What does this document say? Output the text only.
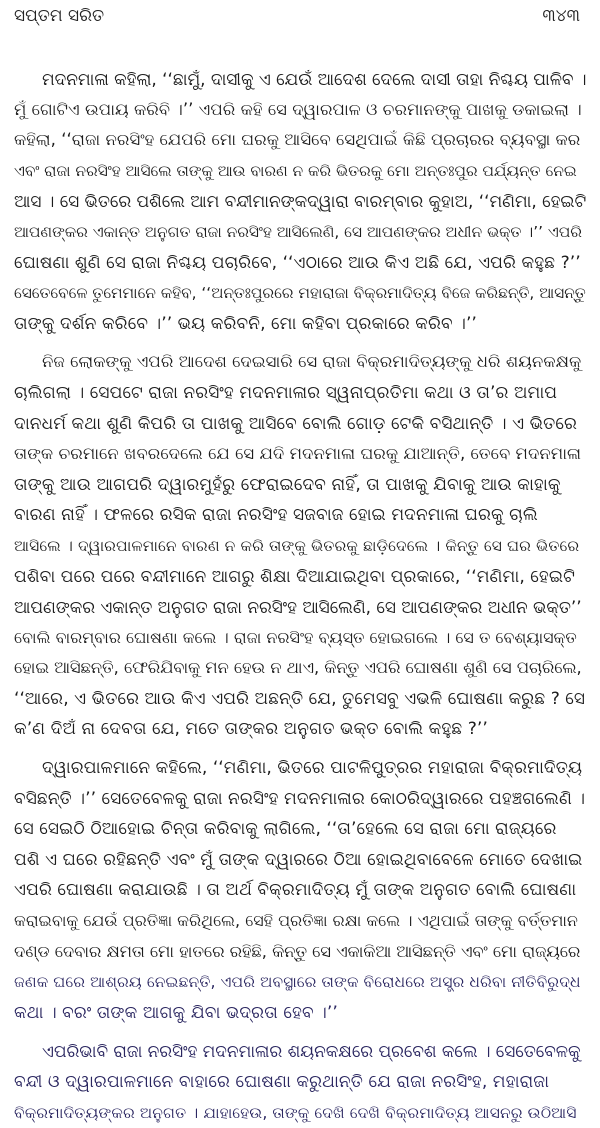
ସପ୍ତମ ସରିତ	୩୪୩
ମଦନମାଳା କହିଲା, ‘‘ଛାମୁଁ, ଦାସୀକୁ ଏ ଯେଉଁ ଆଦେଶ ଦେଲେ ଦାସୀ ତାହା ନିଶ୍ଚୟ ପାଳିବ ।
ମୁଁ ଗୋଟିଏ ଉପାୟ କରିବି ।’’ ଏପରି କହି ସେ ଦ୍ୱାରପାଳ ଓ ଚରମାନଙ୍କୁ ପାଖକୁ ଡକାଇଲା ।
କହିଲା, ‘‘ରାଜା ନରସିଂହ ଯେପରି ମୋ ଘରକୁ ଆସିବେ ସେଥିପାଇଁ କିଛି ପ୍ରଚାରର ବ୍ୟବସ୍ଥା କର
ଏବଂ ରାଜା ନରସିଂହ ଆସିଲେ ତାଙ୍କୁ ଆଉ ବାରଣ ନ କରି ଭିତରକୁ ମୋ ଅନ୍ତଃପୁର ପର୍ଯ୍ୟନ୍ତ ନେଇ
ଆସ । ସେ ଭିତରେ ପଶିଲେ ଆମ ବନ୍ଦୀମାନଙ୍କଦ୍ୱାରା ବାରମ୍ବାର କୁହାଅ, ‘‘ମଣିମା, ହେଇଟି
ଆପଣଙ୍କର ଏକାନ୍ତ ଅନୁଗତ ରାଜା ନରସିଂହ ଆସିଲେଣି, ସେ ଆପଣଙ୍କର ଅଧୀନ ଭକ୍ତ ।’’ ଏପରି
ଘୋଷଣା ଶୁଣି ସେ ରାଜା ନିଶ୍ଚୟ ପଚାରିବେ, ‘‘ଏଠାରେ ଆଉ କିଏ ଅଛି ଯେ, ଏପରି କହୁଛ ?’’
ସେତେବେଳେ ତୁମେମାନେ କହିବ, ‘‘ଅନ୍ତଃପୁରରେ ମହାରାଜା ବିକ୍ରମାଦିତ୍ୟ ବିଜେ କରିଛନ୍ତି, ଆସନ୍ତୁ
ତାଙ୍କୁ ଦର୍ଶନ କରିବେ ।’’ ଭୟ କରିବନି, ମୋ କହିବା ପ୍ରକାରେ କରିବ ।’’
ନିଜ ଲୋକଙ୍କୁ ଏପରି ଆଦେଶ ଦେଇସାରି ସେ ରାଜା ବିକ୍ରମାଦିତ୍ୟଙ୍କୁ ଧରି ଶୟନକକ୍ଷକୁ
ଚାଲିଗଲା । ସେପଟେ ରାଜା ନରସିଂହ ମଦନମାଳାର ସ୍ୱନାପ୍ରତିମା କଥା ଓ ତା’ର ଅମାପ
ଦାନଧର୍ମ କଥା ଶୁଣି କିପରି ତା ପାଖକୁ ଆସିବେ ବୋଲି ଗୋଡ଼ ଟେକି ବସିଥାନ୍ତି । ଏ ଭିତରେ
ତାଙ୍କ ଚରମାନେ ଖବରଦେଲେ ଯେ ସେ ଯଦି ମଦନମାଳା ଘରକୁ ଯାଆନ୍ତି, ତେବେ ମଦନମାଳା
ତାଙ୍କୁ ଆଉ ଆଗପରି ଦ୍ୱାରମୁହଁରୁ ଫେରାଇଦେବ ନାହିଁ, ତା ପାଖକୁ ଯିବାକୁ ଆଉ କାହାକୁ
ବାରଣ ନାହିଁ । ଫଳରେ ରସିକ ରାଜା ନରସିଂହ ସଜବାଜ ହୋଇ ମଦନମାଳା ଘରକୁ ଚାଲି
ଆସିଲେ । ଦ୍ୱାରପାଳମାନେ ବାରଣ ନ କରି ତାଙ୍କୁ ଭିତରକୁ ଛାଡ଼ିଦେଲେ । କିନ୍ତୁ ସେ ଘର ଭିତରେ
ପଶିବା ପରେ ପରେ ବନ୍ଦୀମାନେ ଆଗରୁ ଶିକ୍ଷା ଦିଆଯାଇଥିବା ପ୍ରକାରେ, ‘‘ମଣିମା, ହେଇଟି
ଆପଣଙ୍କର ଏକାନ୍ତ ଅନୁଗତ ରାଜା ନରସିଂହ ଆସିଲେଣି, ସେ ଆପଣଙ୍କର ଅଧୀନ ଭକ୍ତ’’
ବୋଲି ବାରମ୍ବାର ଘୋଷଣା କଲେ । ରାଜା ନରସିଂହ ବ୍ୟସ୍ତ ହୋଇଗଲେ । ସେ ତ ବେଶ୍ୟାସକ୍ତ
ହୋଇ ଆସିଛନ୍ତି, ଫେରିଯିବାକୁ ମନ ହେଉ ନ ଥାଏ, କିନ୍ତୁ ଏପରି ଘୋଷଣା ଶୁଣି ସେ ପଚାରିଲେ,
‘‘ଆରେ, ଏ ଭିତରେ ଆଉ କିଏ ଏପରି ଅଛନ୍ତି ଯେ, ତୁମେସବୁ ଏଭଳି ଘୋଷଣା କରୁଛ ? ସେ
କ’ଣ ଦିଅଁ ନା ଦେବତା ଯେ, ମତେ ତାଙ୍କର ଅନୁଗତ ଭକ୍ତ ବୋଲି କହୁଛ ?’’
ଦ୍ୱାରପାଳମାନେ କହିଲେ, ‘‘ମଣିମା, ଭିତରେ ପାଟଳିପୁତ୍ରର ମହାରାଜା ବିକ୍ରମାଦିତ୍ୟ
ବସିଛନ୍ତି ।’’ ସେତେବେଳକୁ ରାଜା ନରସିଂହ ମଦନମାଳାର କୋଠରିଦ୍ୱାରରେ ପହଞ୍ଚଗଲେଣି ।
ସେ ସେଇଠି ଠିଆହୋଇ ଚିନ୍ତା କରିବାକୁ ଲାଗିଲେ, ‘‘ତା’ହେଲେ ସେ ରାଜା ମୋ ରାଜ୍ୟରେ
ପଶି ଏ ଘରେ ରହିଛନ୍ତି ଏବଂ ମୁଁ ତାଙ୍କ ଦ୍ୱାରରେ ଠିଆ ହୋଇଥିବାବେଳେ ମୋତେ ଦେଖାଇ
ଏପରି ଘୋଷଣା କରାଯାଉଛି । ତା ଅର୍ଥ ବିକ୍ରମାଦିତ୍ୟ ମୁଁ ତାଙ୍କ ଅନୁଗତ ବୋଲି ଘୋଷଣା
କରାଇବାକୁ ଯେଉଁ ପ୍ରତିଜ୍ଞା କରିଥିଲେ, ସେହି ପ୍ରତିଜ୍ଞା ରକ୍ଷା କଲେ । ଏଥିପାଇଁ ତାଙ୍କୁ ବର୍ତ୍ତମାନ
ଦଣ୍ଡ ଦେବାର କ୍ଷମତା ମୋ ହାତରେ ରହିଛି, କିନ୍ତୁ ସେ ଏକାକିଆ ଆସିଛନ୍ତି ଏବଂ ମୋ ରାଜ୍ୟରେ
ଜଣକ ଘରେ ଆଶ୍ରୟ ନେଇଛନ୍ତି, ଏପରି ଅବସ୍ଥାରେ ତାଙ୍କ ବିରୋଧରେ ଅସ୍ତ୍ର ଧରିବା ନୀତିବିରୁଦ୍ଧ
କଥା । ବରଂ ତାଙ୍କ ଆଗକୁ ଯିବା ଭଦ୍ରତା ହେବ ।’’
ଏପରିଭାବି ରାଜା ନରସିଂହ ମଦନମାଳାର ଶୟନକକ୍ଷରେ ପ୍ରବେଶ କଲେ । ସେତେବେଳକୁ
ବନ୍ଦୀ ଓ ଦ୍ୱାରପାଳମାନେ ବାହାରେ ଘୋଷଣା କରୁଥାନ୍ତି ଯେ ରାଜା ନରସିଂହ, ମହାରାଜା
ବିକ୍ରମାଦିତ୍ୟଙ୍କର ଅନୁଗତ । ଯାହାହେଉ, ତାଙ୍କୁ ଦେଖି ଦେଖି ବିକ୍ରମାଦିତ୍ୟ ଆସନରୁ ଉଠିଆସି
